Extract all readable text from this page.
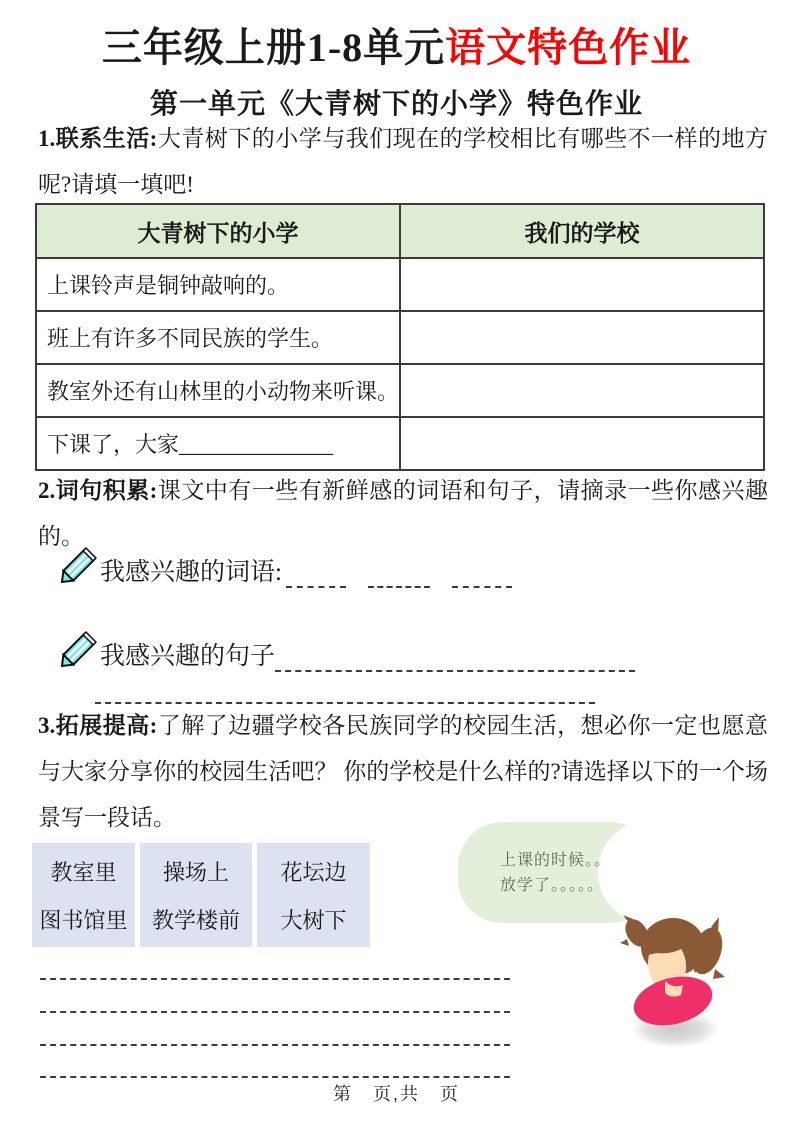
三年级上册1-8单元语文特色作业
第一单元《大青树下的小学》特色作业
1.联系生活:大青树下的小学与我们现在的学校相比有哪些不一样的地方呢?请填一填吧!
大青树下的小学	我们的学校
上课铃声是铜钟敲响的。	
班上有许多不同民族的学生。	
教室外还有山林里的小动物来听课。	
下课了，大家______________	
2.词句积累:课文中有一些有新鲜感的词语和句子，请摘录一些你感兴趣的。
我感兴趣的词语:
我感兴趣的句子
3.拓展提高:了解了边疆学校各民族同学的校园生活，想必你一定也愿意与大家分享你的校园生活吧？ 你的学校是什么样的?请选择以下的一个场景写一段话。
教室里
图书馆里
操场上
教学楼前
花坛边
大树下
上课的时候。。
放学了。。。。。
第　页,共　页
